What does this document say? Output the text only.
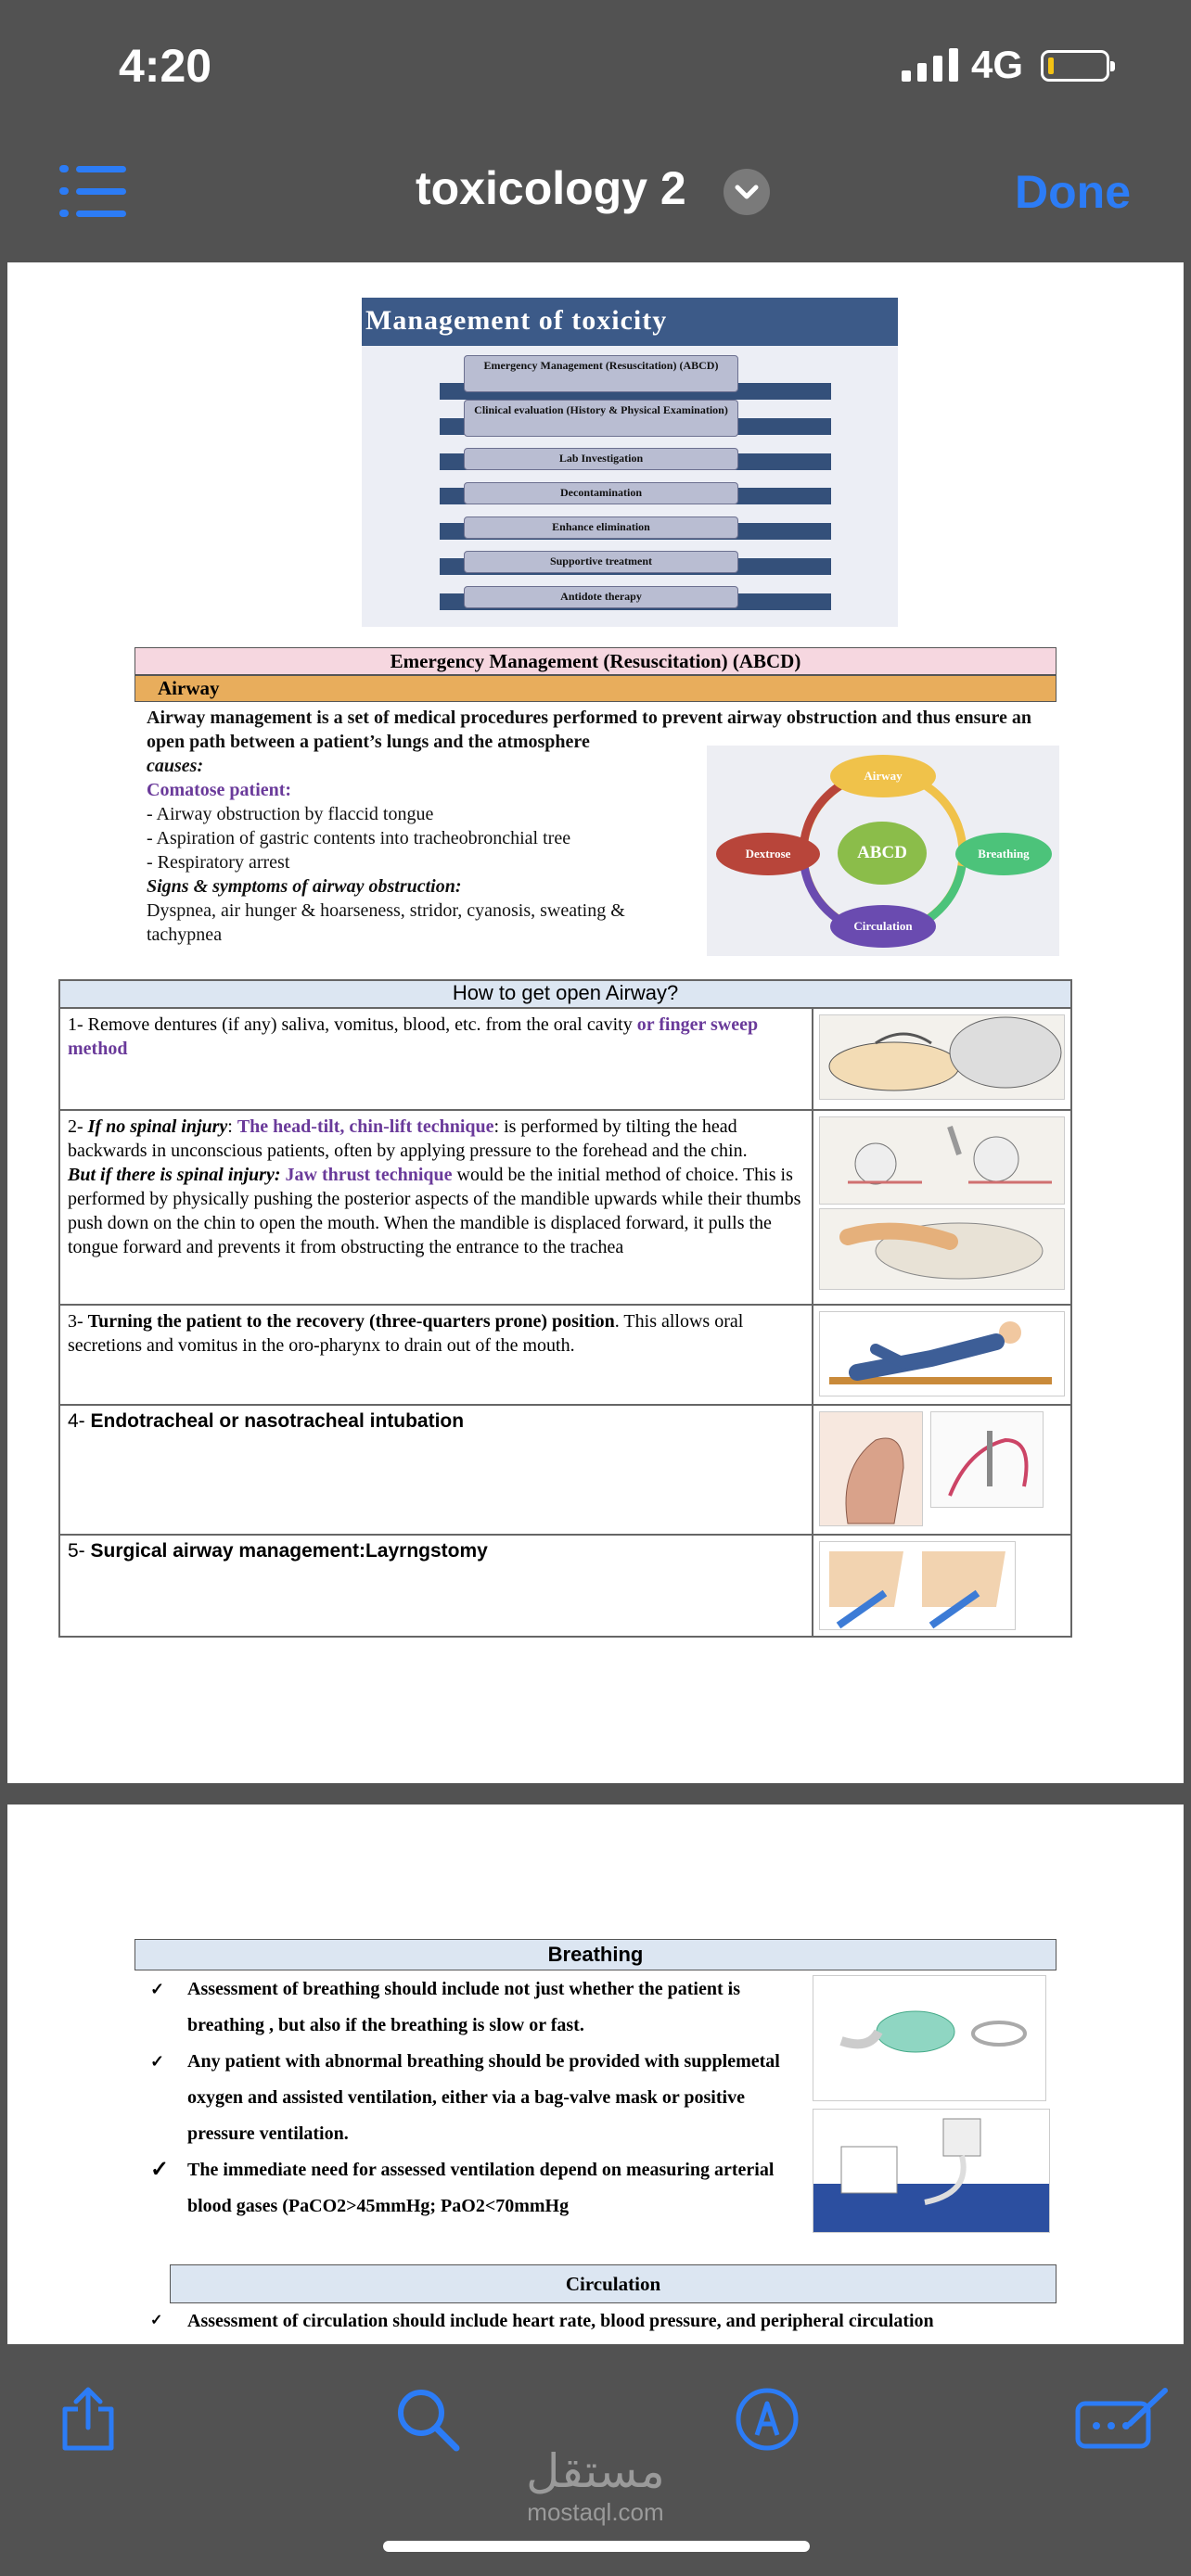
4:20	4G
toxicology 2	Done
Management of toxicity
Emergency Management (Resuscitation) (ABCD)
Clinical evaluation (History & Physical Examination)
Lab Investigation
Decontamination
Enhance elimination
Supportive treatment
Antidote therapy
Emergency Management (Resuscitation) (ABCD)
Airway
Airway management is a set of medical procedures performed to prevent airway obstruction and thus ensure an open path between a patient’s lungs and the atmosphere
causes:
Comatose patient:
- Airway obstruction by flaccid tongue
- Aspiration of gastric contents into tracheobronchial tree
- Respiratory arrest
Signs & symptoms of airway obstruction:
Dyspnea, air hunger & hoarseness, stridor, cyanosis, sweating & tachypnea
ABCD
Airway
Breathing
Circulation
Dextrose
How to get open Airway?	
1- Remove dentures (if any) saliva, vomitus, blood, etc. from the oral cavity or finger sweep method	

2- If no spinal injury: The head-tilt, chin-lift technique: is performed by tilting the head backwards in unconscious patients, often by applying pressure to the forehead and the chin.
But if there is spinal injury: Jaw thrust technique would be the initial method of choice. This is performed by physically pushing the posterior aspects of the mandible upwards while their thumbs push down on the chin to open the mouth. When the mandible is displaced forward, it pulls the tongue forward and prevents it from obstructing the entrance to the trachea	

3- Turning the patient to the recovery (three-quarters prone) position. This allows oral secretions and vomitus in the oro-pharynx to drain out of the mouth.	

4- Endotracheal or nasotracheal intubation	

5- Surgical airway management:Layrngstomy	
Breathing
✓ Assessment of breathing should include not just whether the patient is breathing , but also if the breathing is slow or fast.
✓ Any patient with abnormal breathing should be provided with supplemetal oxygen and assisted ventilation, either via a bag-valve mask or positive pressure ventilation.
✓ The immediate need for assessed ventilation depend on measuring arterial blood gases (PaCO2>45mmHg; PaO2<70mmHg
Circulation
✓ Assessment of circulation should include heart rate, blood pressure, and peripheral circulation
مستقل
mostaql.com
